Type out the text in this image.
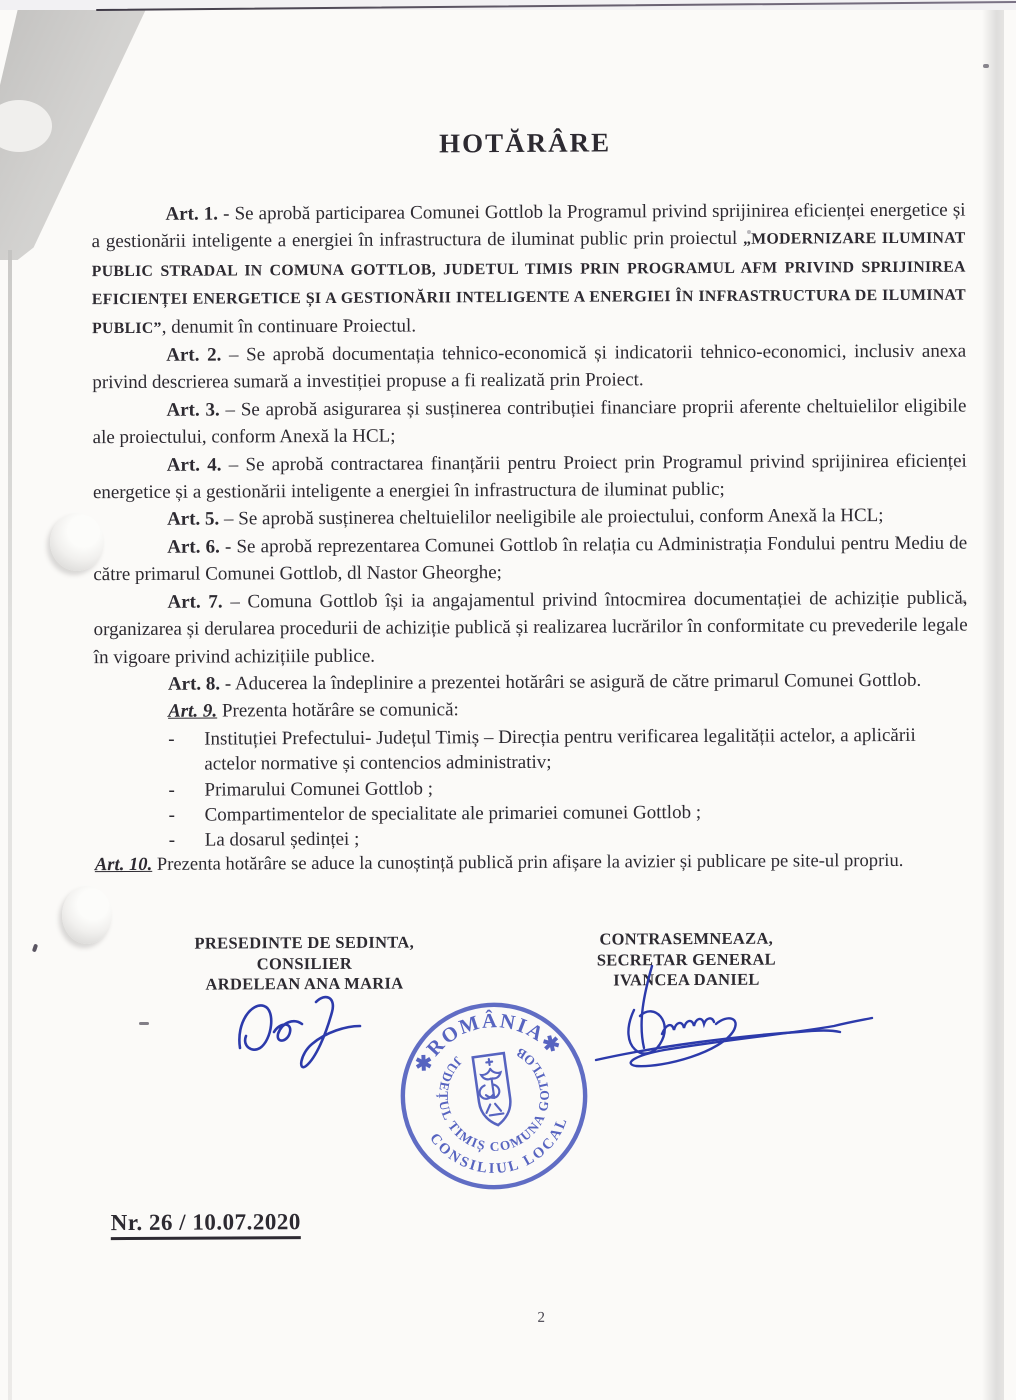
HOTĂRÂRE

Art. 1. - Se aprobă participarea Comunei Gottlob la Programul privind sprijinirea eficienței energetice și a gestionării inteligente a energiei în infrastructura de iluminat public prin proiectul „MODERNIZARE ILUMINAT PUBLIC STRADAL IN COMUNA GOTTLOB, JUDETUL TIMIS PRIN PROGRAMUL AFM PRIVIND SPRIJINIREA EFICIENȚEI ENERGETICE ȘI A GESTIONĂRII INTELIGENTE A ENERGIEI ÎN INFRASTRUCTURA DE ILUMINAT PUBLIC”, denumit în continuare Proiectul.

Art. 2. – Se aprobă documentația tehnico-economică și indicatorii tehnico-economici, inclusiv anexa privind descrierea sumară a investiției propuse a fi realizată prin Proiect.

Art. 3. – Se aprobă asigurarea și susținerea contribuției financiare proprii aferente cheltuielilor eligibile ale proiectului, conform Anexă la HCL;

Art. 4. – Se aprobă contractarea finanțării pentru Proiect prin Programul privind sprijinirea eficienței energetice și a gestionării inteligente a energiei în infrastructura de iluminat public;

Art. 5. – Se aprobă susținerea cheltuielilor neeligibile ale proiectului, conform Anexă la HCL;

Art. 6. - Se aprobă reprezentarea Comunei Gottlob în relația cu Administrația Fondului pentru Mediu de către primarul Comunei Gottlob, dl Nastor Gheorghe;

Art. 7. – Comuna Gottlob își ia angajamentul privind întocmirea documentației de achiziție publică, organizarea și derularea procedurii de achiziție publică și realizarea lucrărilor în conformitate cu prevederile legale în vigoare privind achizițiile publice.

Art. 8. - Aducerea la îndeplinire a prezentei hotărâri se asigură de către primarul Comunei Gottlob.

Art. 9. Prezenta hotărâre se comunică:

-	Instituției Prefectului- Județul Timiș – Direcția pentru verificarea legalității actelor, a aplicării actelor normative și contencios administrativ;
-	Primarului Comunei Gottlob ;
-	Compartimentelor de specialitate ale primariei comunei Gottlob ;
-	La dosarul ședinței ;
Art. 10. Prezenta hotărâre se aduce la cunoștință publică prin afișare la avizier și publicare pe site-ul propriu.
PRESEDINTE DE SEDINTA,
CONSILIER
ARDELEAN ANA MARIA
CONTRASEMNEAZA,
SECRETAR GENERAL
IVANCEA DANIEL
Nr. 26 / 10.07.2020
2
✱ROMÂNIA✱
JUDEȚUL TIMIȘ COMUNA GOTTLOB
CONSILIUL LOCAL
